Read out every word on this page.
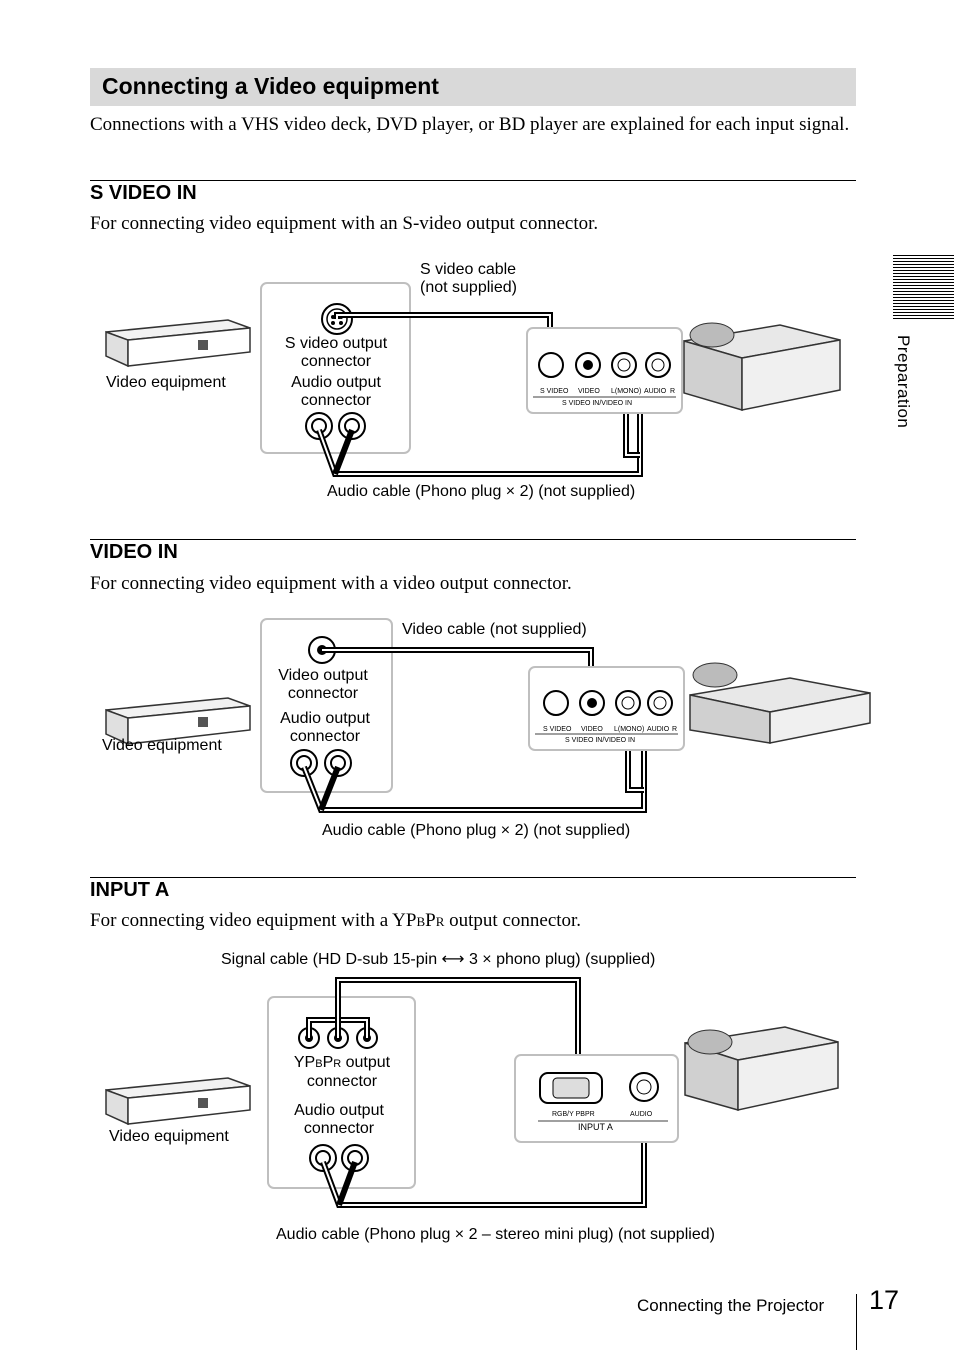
Connecting a Video equipment
Connections with a VHS video deck, DVD player, or BD player are explained for each input signal.
Preparation
S VIDEO IN
For connecting video equipment with an S-video output connector.
S VIDEO VIDEO L(MONO) AUDIO R
S VIDEO IN/VIDEO IN
S video cable
(not supplied)
S video output
connector
Audio output
connector
Video equipment
Audio cable (Phono plug × 2) (not supplied)
VIDEO IN
For connecting video equipment with a video output connector.
S VIDEO VIDEO L(MONO) AUDIO R
S VIDEO IN/VIDEO IN
Video cable (not supplied)
Video output
connector
Audio output
connector
Video equipment
Audio cable (Phono plug × 2) (not supplied)
INPUT A
For connecting video equipment with a YPBPR output connector.
Signal cable (HD D-sub 15-pin ⟷ 3 × phono plug) (supplied)
RGB/Y PBPR	AUDIO
INPUT A
YPBPR output
connector
Audio output
connector
Video equipment
Audio cable (Phono plug × 2 – stereo mini plug) (not supplied)
Connecting the Projector 17
